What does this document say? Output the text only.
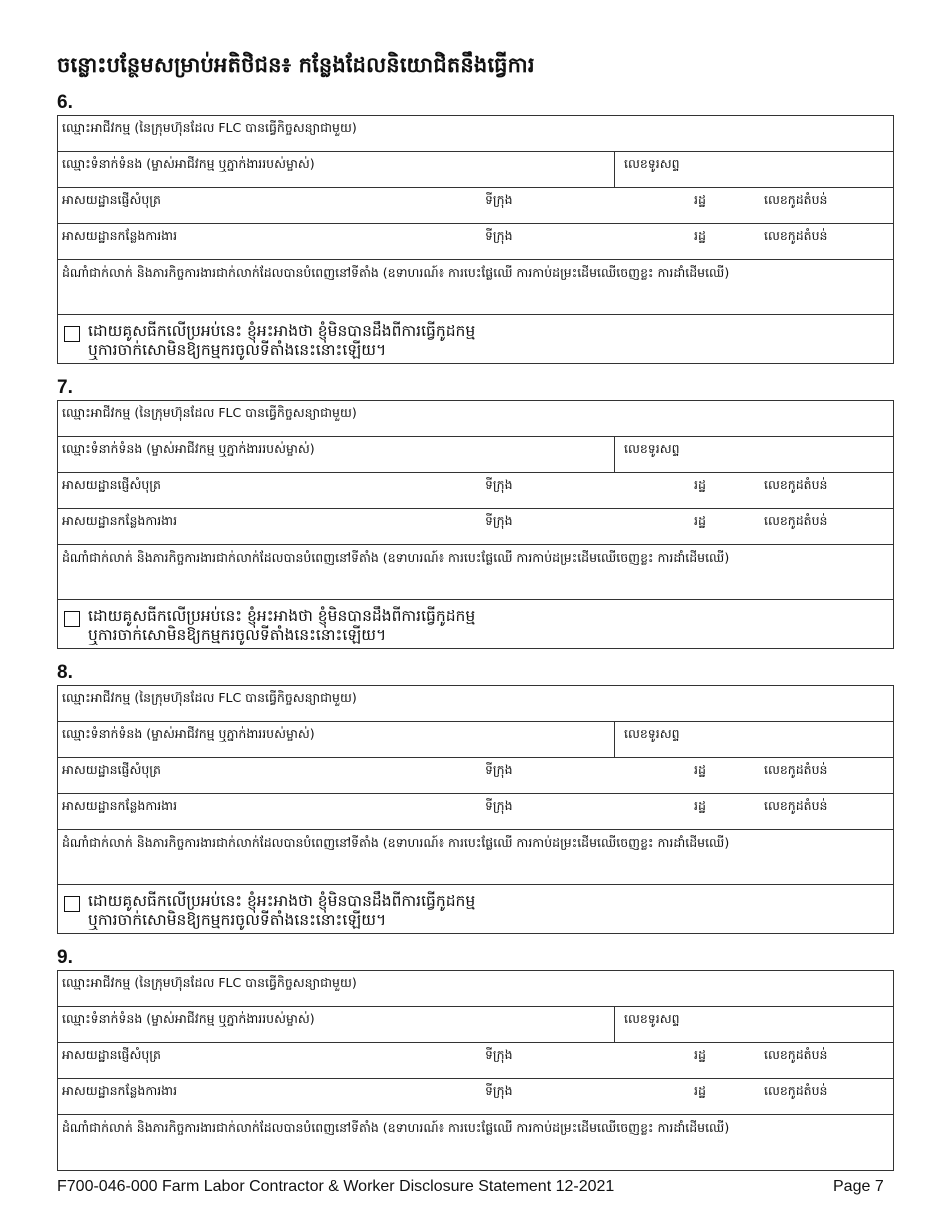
ចន្លោះបន្ថែមសម្រាប់អតិថិជន៖ កន្លែងដែលនិយោជិតនឹងធ្វើការ
6.
ឈ្មោះអាជីវកម្ម (នៃក្រុមហ៊ុនដែល FLC បានធ្វើកិច្ចសន្យាជាមួយ)
ឈ្មោះទំនាក់ទំនង (ម្ចាស់អាជីវកម្ម ឬភ្នាក់ងាររបស់ម្ចាស់)	លេខទូរសព្ទ
អាសយដ្ឋានផ្ញើសំបុត្រ	ទីក្រុង	រដ្ឋ	លេខកូដតំបន់
អាសយដ្ឋានកន្លែងការងារ	ទីក្រុង	រដ្ឋ	លេខកូដតំបន់
ដំណាំជាក់លាក់ និងភារកិច្ចការងារជាក់លាក់ដែលបានបំពេញនៅទីតាំង (ឧទាហរណ៍៖ ការបេះផ្លែឈើ ការកាប់ដម្រះដើមឈើចេញខ្លះ ការដាំដើមឈើ)
ដោយគូសធីកលើប្រអប់នេះ ខ្ញុំអះអាងថា ខ្ញុំមិនបានដឹងពីការធ្វើកូដកម្ម
ឬការចាក់សោមិនឱ្យកម្មករចូលទីតាំងនេះនោះឡើយ។
7.
ឈ្មោះអាជីវកម្ម (នៃក្រុមហ៊ុនដែល FLC បានធ្វើកិច្ចសន្យាជាមួយ)
ឈ្មោះទំនាក់ទំនង (ម្ចាស់អាជីវកម្ម ឬភ្នាក់ងាររបស់ម្ចាស់)	លេខទូរសព្ទ
អាសយដ្ឋានផ្ញើសំបុត្រ	ទីក្រុង	រដ្ឋ	លេខកូដតំបន់
អាសយដ្ឋានកន្លែងការងារ	ទីក្រុង	រដ្ឋ	លេខកូដតំបន់
ដំណាំជាក់លាក់ និងភារកិច្ចការងារជាក់លាក់ដែលបានបំពេញនៅទីតាំង (ឧទាហរណ៍៖ ការបេះផ្លែឈើ ការកាប់ដម្រះដើមឈើចេញខ្លះ ការដាំដើមឈើ)
ដោយគូសធីកលើប្រអប់នេះ ខ្ញុំអះអាងថា ខ្ញុំមិនបានដឹងពីការធ្វើកូដកម្ម
ឬការចាក់សោមិនឱ្យកម្មករចូលទីតាំងនេះនោះឡើយ។
8.
ឈ្មោះអាជីវកម្ម (នៃក្រុមហ៊ុនដែល FLC បានធ្វើកិច្ចសន្យាជាមួយ)
ឈ្មោះទំនាក់ទំនង (ម្ចាស់អាជីវកម្ម ឬភ្នាក់ងាររបស់ម្ចាស់)	លេខទូរសព្ទ
អាសយដ្ឋានផ្ញើសំបុត្រ	ទីក្រុង	រដ្ឋ	លេខកូដតំបន់
អាសយដ្ឋានកន្លែងការងារ	ទីក្រុង	រដ្ឋ	លេខកូដតំបន់
ដំណាំជាក់លាក់ និងភារកិច្ចការងារជាក់លាក់ដែលបានបំពេញនៅទីតាំង (ឧទាហរណ៍៖ ការបេះផ្លែឈើ ការកាប់ដម្រះដើមឈើចេញខ្លះ ការដាំដើមឈើ)
ដោយគូសធីកលើប្រអប់នេះ ខ្ញុំអះអាងថា ខ្ញុំមិនបានដឹងពីការធ្វើកូដកម្ម
ឬការចាក់សោមិនឱ្យកម្មករចូលទីតាំងនេះនោះឡើយ។
9.
ឈ្មោះអាជីវកម្ម (នៃក្រុមហ៊ុនដែល FLC បានធ្វើកិច្ចសន្យាជាមួយ)
ឈ្មោះទំនាក់ទំនង (ម្ចាស់អាជីវកម្ម ឬភ្នាក់ងាររបស់ម្ចាស់)	លេខទូរសព្ទ
អាសយដ្ឋានផ្ញើសំបុត្រ	ទីក្រុង	រដ្ឋ	លេខកូដតំបន់
អាសយដ្ឋានកន្លែងការងារ	ទីក្រុង	រដ្ឋ	លេខកូដតំបន់
ដំណាំជាក់លាក់ និងភារកិច្ចការងារជាក់លាក់ដែលបានបំពេញនៅទីតាំង (ឧទាហរណ៍៖ ការបេះផ្លែឈើ ការកាប់ដម្រះដើមឈើចេញខ្លះ ការដាំដើមឈើ)
F700-046-000 Farm Labor Contractor & Worker Disclosure Statement 12-2021	Page 7
